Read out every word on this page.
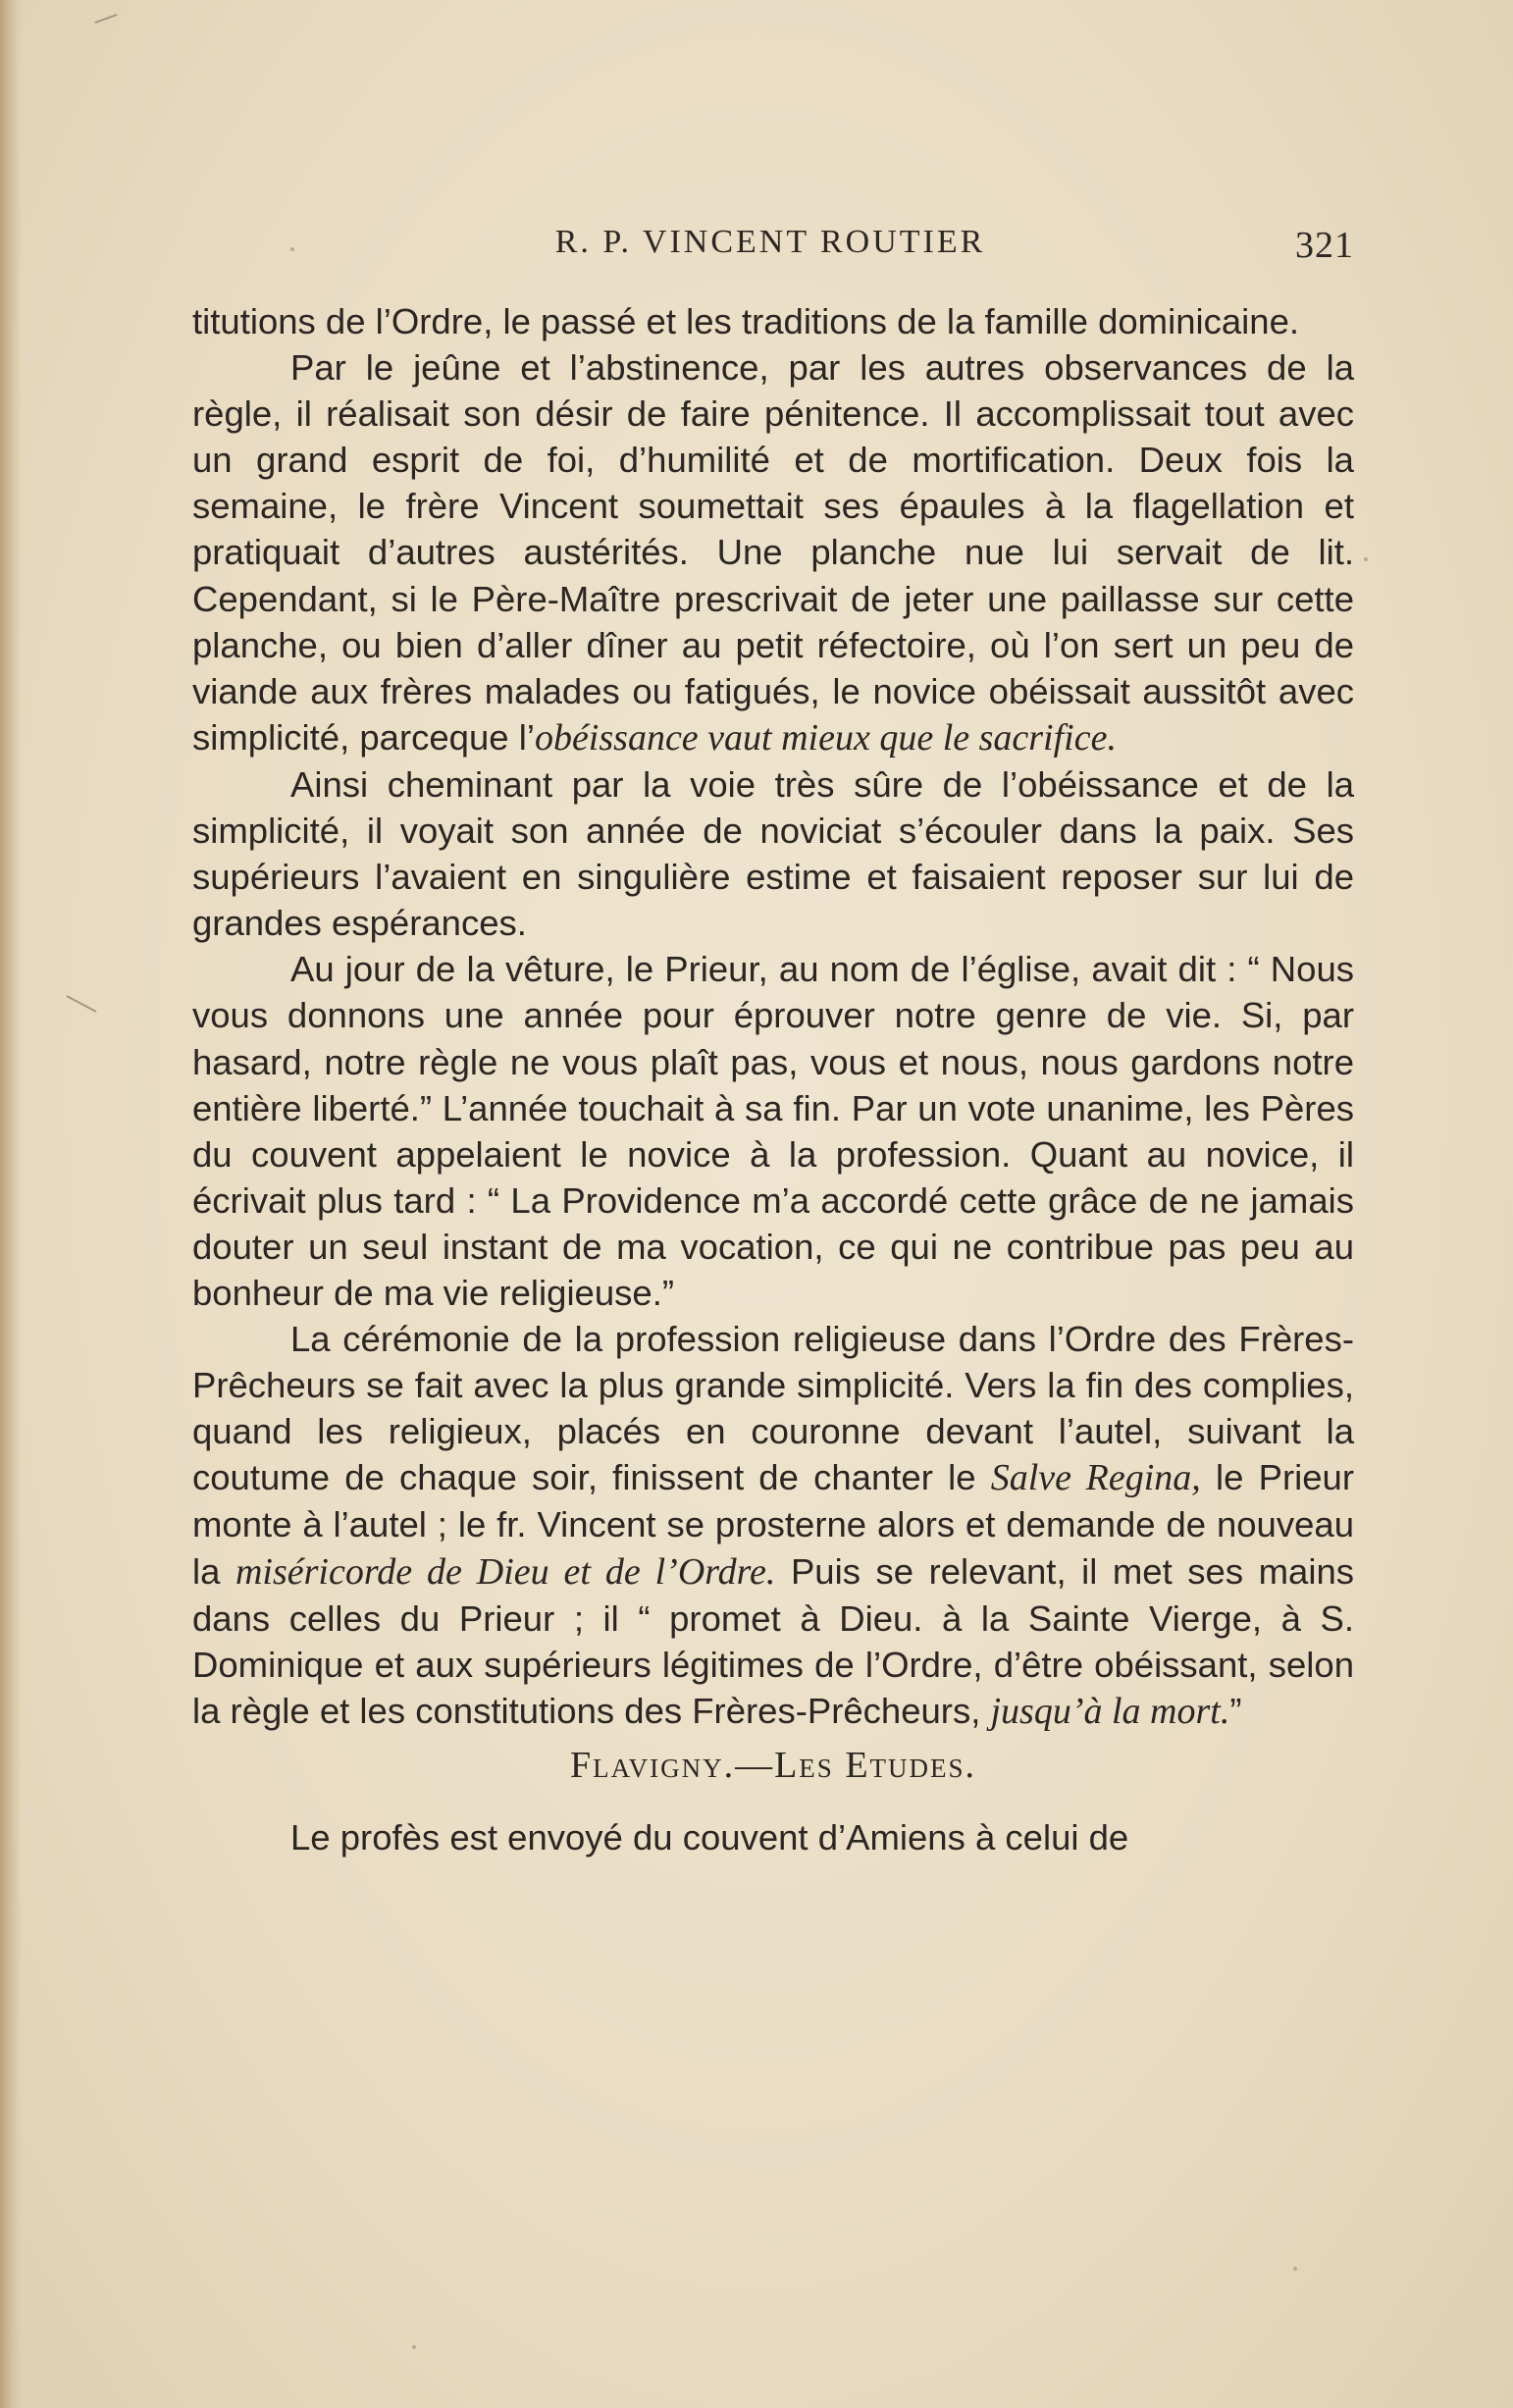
R. P. VINCENT ROUTIER	321

titutions de l’Ordre, le passé et les traditions de la famille dominicaine.

Par le jeûne et l’abstinence, par les autres observances de la règle, il réalisait son désir de faire pénitence. Il accomplissait tout avec un grand esprit de foi, d’humilité et de mortification. Deux fois la semaine, le frère Vincent soumettait ses épaules à la flagellation et pratiquait d’autres austérités. Une planche nue lui servait de lit. Cependant, si le Père-Maître prescrivait de jeter une paillasse sur cette planche, ou bien d’aller dîner au petit réfectoire, où l’on sert un peu de viande aux frères malades ou fatigués, le novice obéissait aussitôt avec simplicité, parceque l’obéissance vaut mieux que le sacrifice.

Ainsi cheminant par la voie très sûre de l’obéissance et de la simplicité, il voyait son année de noviciat s’écouler dans la paix. Ses supérieurs l’avaient en singulière estime et faisaient reposer sur lui de grandes espérances.

Au jour de la vêture, le Prieur, au nom de l’église, avait dit : “ Nous vous donnons une année pour éprouver notre genre de vie. Si, par hasard, notre règle ne vous plaît pas, vous et nous, nous gardons notre entière liberté.” L’année touchait à sa fin. Par un vote unanime, les Pères du couvent appelaient le novice à la profession. Quant au novice, il écrivait plus tard : “ La Providence m’a accordé cette grâce de ne jamais douter un seul instant de ma vocation, ce qui ne contribue pas peu au bonheur de ma vie religieuse.”

La cérémonie de la profession religieuse dans l’Ordre des Frères-Prêcheurs se fait avec la plus grande simplicité. Vers la fin des complies, quand les religieux, placés en couronne devant l’autel, suivant la coutume de chaque soir, finissent de chanter le Salve Regina, le Prieur monte à l’autel ; le fr. Vincent se prosterne alors et demande de nouveau la miséricorde de Dieu et de l’Ordre. Puis se relevant, il met ses mains dans celles du Prieur ; il “ promet à Dieu. à la Sainte Vierge, à S. Dominique et aux supérieurs légitimes de l’Ordre, d’être obéissant, selon la règle et les constitutions des Frères-Prêcheurs, jusqu’à la mort.”

Flavigny.—Les Etudes.

Le profès est envoyé du couvent d’Amiens à celui de
